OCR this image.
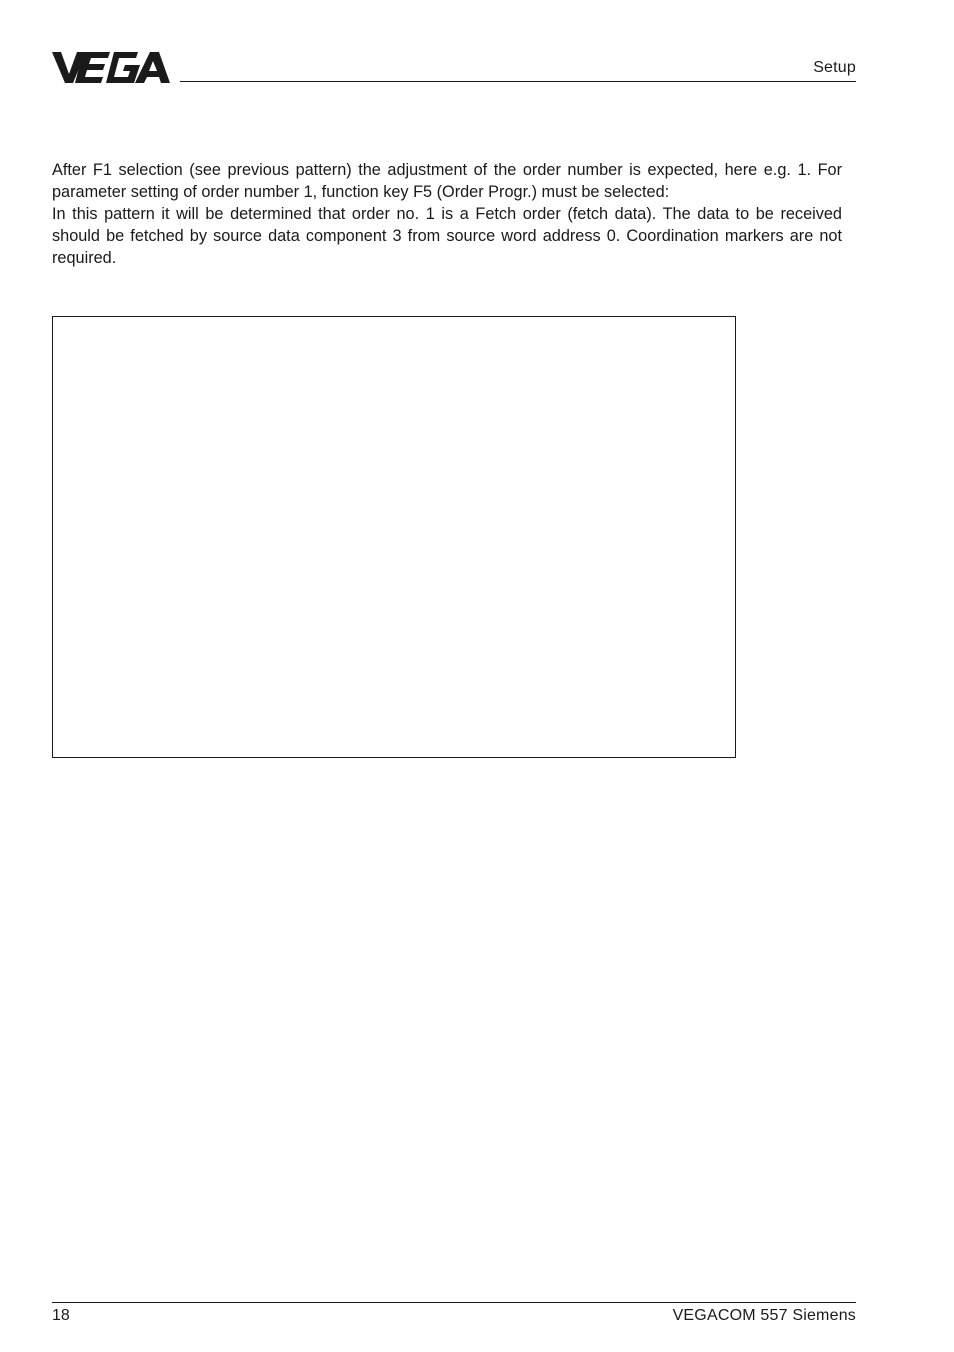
Setup

After F1 selection (see previous pattern) the adjustment of the order number is expected, here e.g. 1. For parameter setting of order number 1, function key F5 (Order Progr.) must be selected:

In this pattern it will be determined that order no. 1 is a Fetch order (fetch data). The data to be received should be fetched by source data component 3 from source word address 0. Coordination markers are not required.

18	VEGACOM 557 Siemens
